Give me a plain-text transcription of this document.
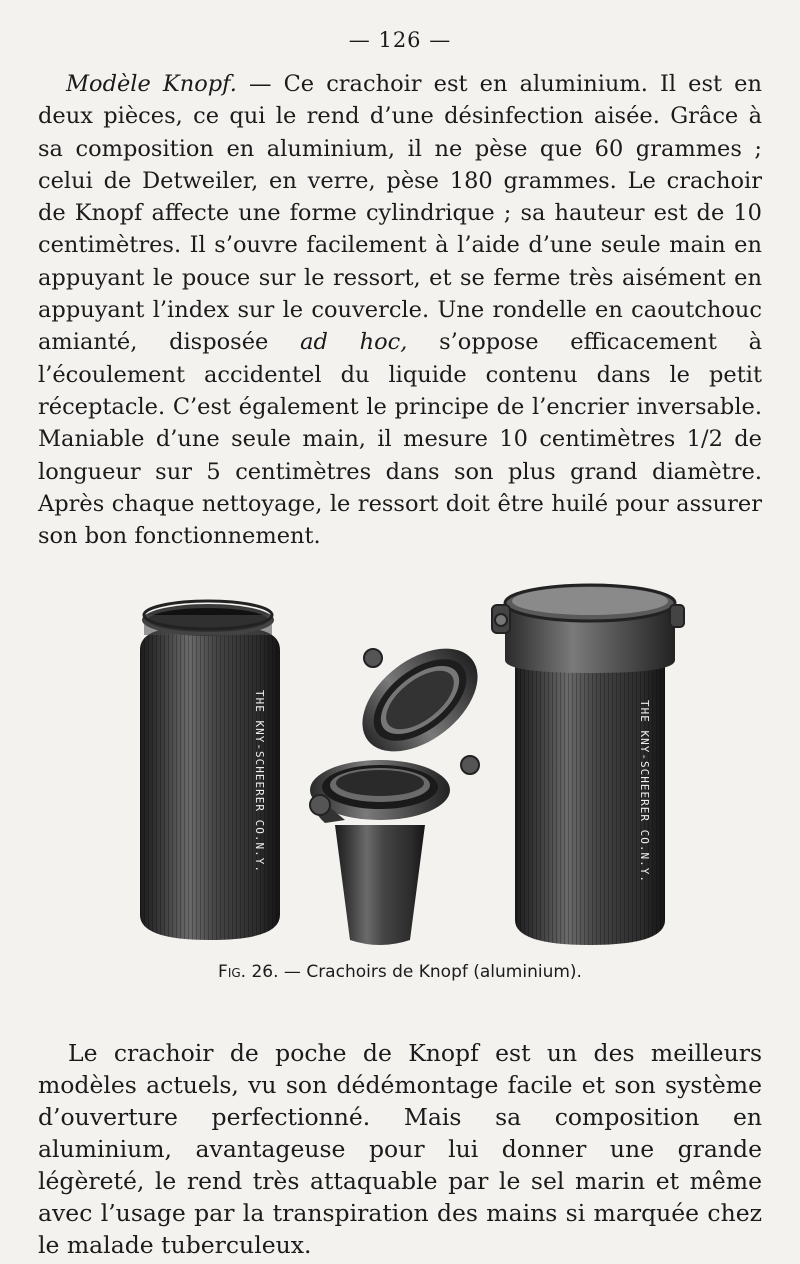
— 126 —

Modèle Knopf. — Ce crachoir est en aluminium. Il est en deux pièces, ce qui le rend d’une désinfection aisée. Grâce à sa composition en aluminium, il ne pèse que 60 grammes ; celui de Detweiler, en verre, pèse 180 grammes. Le crachoir de Knopf affecte une forme cylindrique ; sa hauteur est de 10 centimètres. Il s’ouvre facilement à l’aide d’une seule main en appuyant le pouce sur le ressort, et se ferme très aisément en appuyant l’index sur le couvercle. Une rondelle en caoutchouc amianté, disposée ad hoc, s’oppose efficacement à l’écoulement accidentel du liquide contenu dans le petit réceptacle. C’est également le principe de l’encrier inversable. Maniable d’une seule main, il mesure 10 centimètres 1/2 de longueur sur 5 centimètres dans son plus grand diamètre. Après chaque nettoyage, le ressort doit être huilé pour assurer son bon fonctionnement.

THE KNY-SCHEERER CO.N.Y.	THE KNY-SCHEERER CO.N.Y.
Fig. 26. — Crachoirs de Knopf (aluminium).

Le crachoir de poche de Knopf est un des meilleurs modèles actuels, vu son dédémontage facile et son système d’ouverture perfectionné. Mais sa composition en aluminium, avantageuse pour lui donner une grande légèreté, le rend très attaquable par le sel marin et même avec l’usage par la transpiration des mains si marquée chez le malade tuberculeux.
